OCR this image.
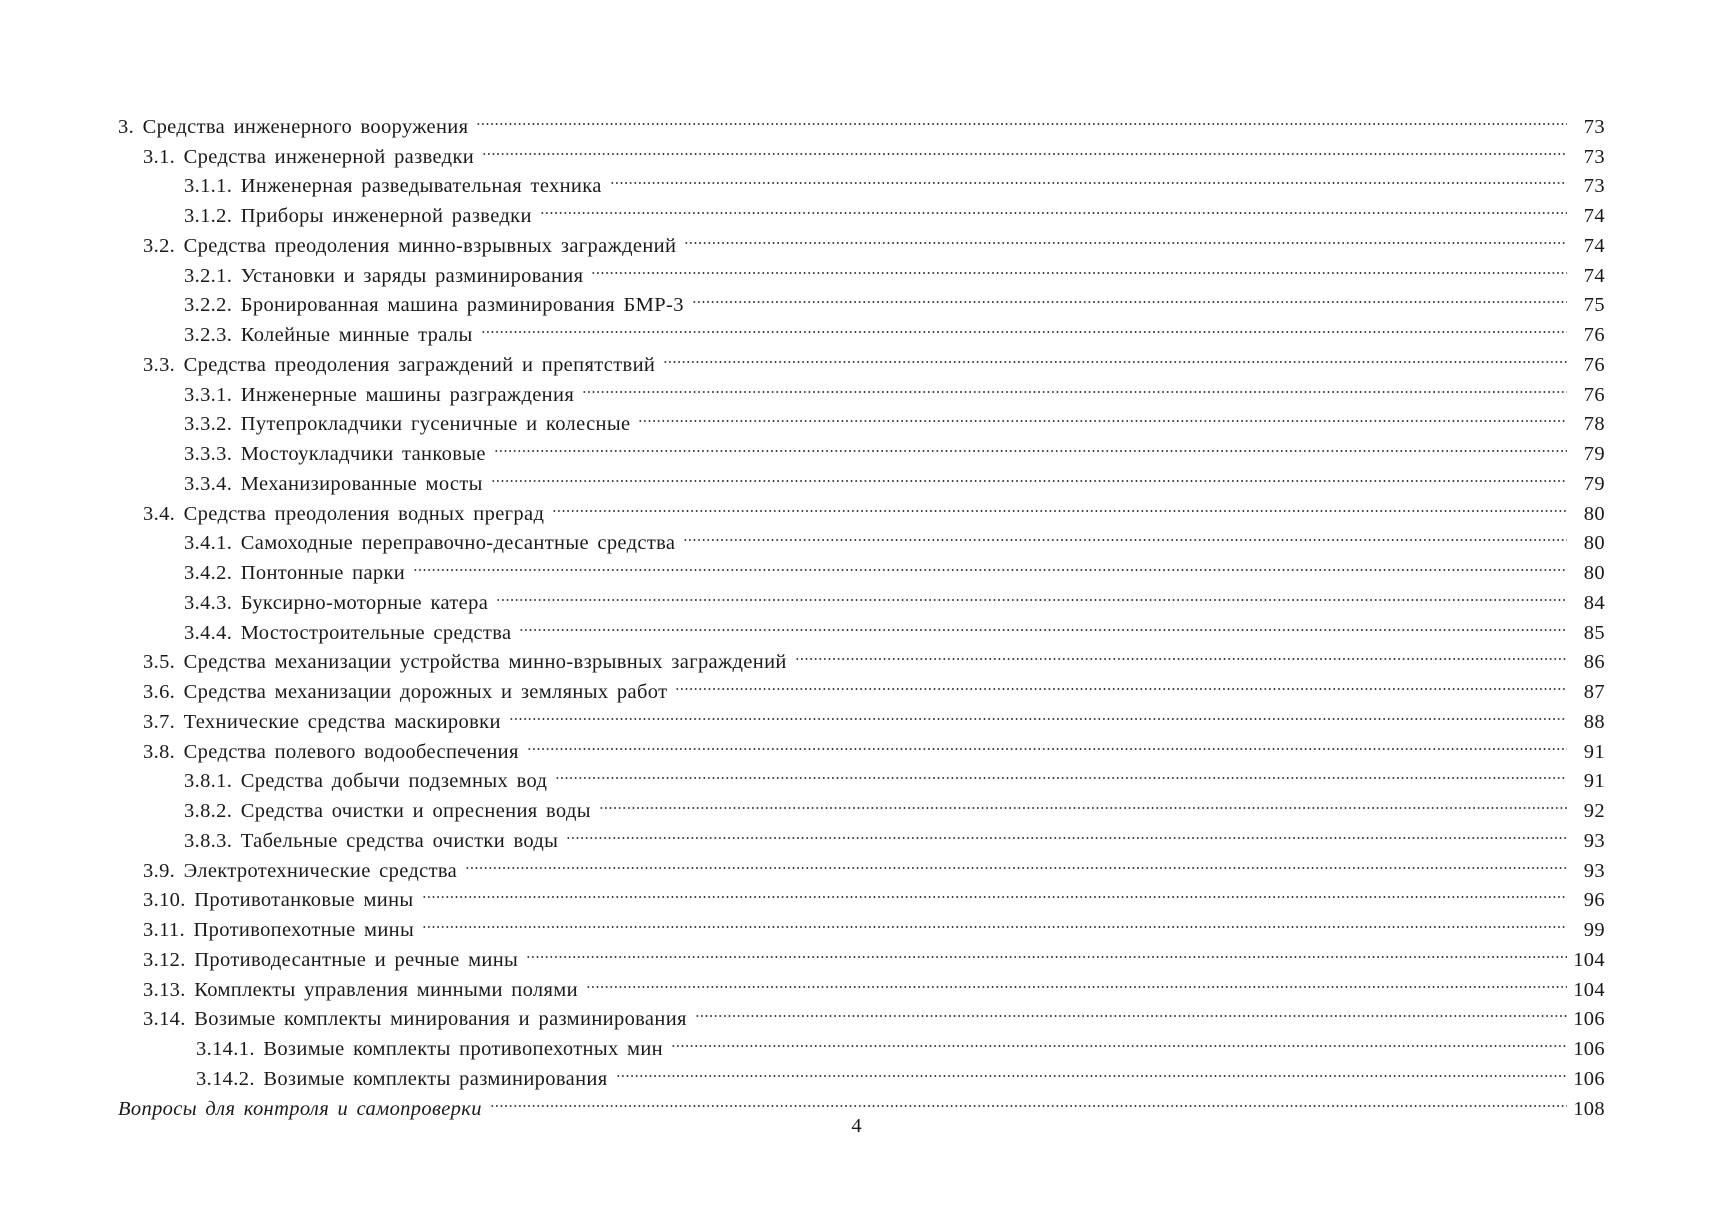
3. Средства инженерного вооружения	73
3.1. Средства инженерной разведки	73
3.1.1. Инженерная разведывательная техника	73
3.1.2. Приборы инженерной разведки	74
3.2. Средства преодоления минно-взрывных заграждений	74
3.2.1. Установки и заряды разминирования	74
3.2.2. Бронированная машина разминирования БМР-3	75
3.2.3. Колейные минные тралы	76
3.3. Средства преодоления заграждений и препятствий	76
3.3.1. Инженерные машины разграждения	76
3.3.2. Путепрокладчики гусеничные и колесные	78
3.3.3. Мостоукладчики танковые	79
3.3.4. Механизированные мосты	79
3.4. Средства преодоления водных преград	80
3.4.1. Самоходные переправочно-десантные средства	80
3.4.2. Понтонные парки	80
3.4.3. Буксирно-моторные катера	84
3.4.4. Мостостроительные средства	85
3.5. Средства механизации устройства минно-взрывных заграждений	86
3.6. Средства механизации дорожных и земляных работ	87
3.7. Технические средства маскировки	88
3.8. Средства полевого водообеспечения	91
3.8.1. Средства добычи подземных вод	91
3.8.2. Средства очистки и опреснения воды	92
3.8.3. Табельные средства очистки воды	93
3.9. Электротехнические средства	93
3.10. Противотанковые мины	96
3.11. Противопехотные мины	99
3.12. Противодесантные и речные мины	104
3.13. Комплекты управления минными полями	104
3.14. Возимые комплекты минирования и разминирования	106
3.14.1. Возимые комплекты противопехотных мин	106
3.14.2. Возимые комплекты разминирования	106
Вопросы для контроля и самопроверки	108
4
